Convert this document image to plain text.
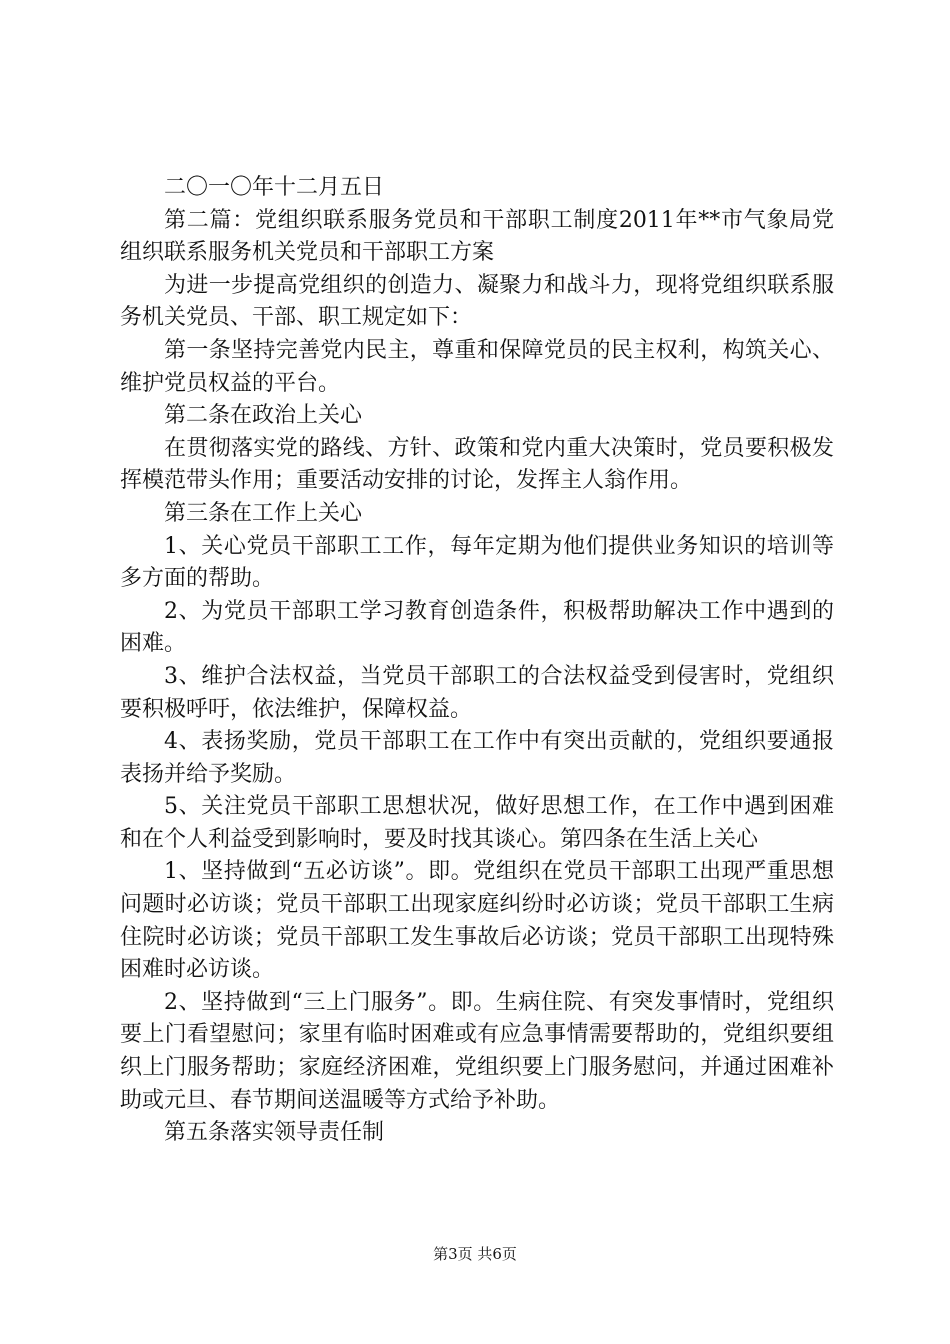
二〇一〇年十二月五日

第二篇：党组织联系服务党员和干部职工制度2011年**市气象局党组织联系服务机关党员和干部职工方案

为进一步提高党组织的创造力、凝聚力和战斗力，现将党组织联系服务机关党员、干部、职工规定如下：

第一条坚持完善党内民主，尊重和保障党员的民主权利，构筑关心、维护党员权益的平台。

第二条在政治上关心

在贯彻落实党的路线、方针、政策和党内重大决策时，党员要积极发挥模范带头作用；重要活动安排的讨论，发挥主人翁作用。

第三条在工作上关心

1、关心党员干部职工工作，每年定期为他们提供业务知识的培训等多方面的帮助。

2、为党员干部职工学习教育创造条件，积极帮助解决工作中遇到的困难。

3、维护合法权益，当党员干部职工的合法权益受到侵害时，党组织要积极呼吁，依法维护，保障权益。

4、表扬奖励，党员干部职工在工作中有突出贡献的，党组织要通报表扬并给予奖励。

5、关注党员干部职工思想状况，做好思想工作，在工作中遇到困难和在个人利益受到影响时，要及时找其谈心。第四条在生活上关心

1、坚持做到“五必访谈”。即。党组织在党员干部职工出现严重思想问题时必访谈；党员干部职工出现家庭纠纷时必访谈；党员干部职工生病住院时必访谈；党员干部职工发生事故后必访谈；党员干部职工出现特殊困难时必访谈。

2、坚持做到“三上门服务”。即。生病住院、有突发事情时，党组织要上门看望慰问；家里有临时困难或有应急事情需要帮助的，党组织要组织上门服务帮助；家庭经济困难，党组织要上门服务慰问，并通过困难补助或元旦、春节期间送温暖等方式给予补助。

第五条落实领导责任制

第3页 共6页
